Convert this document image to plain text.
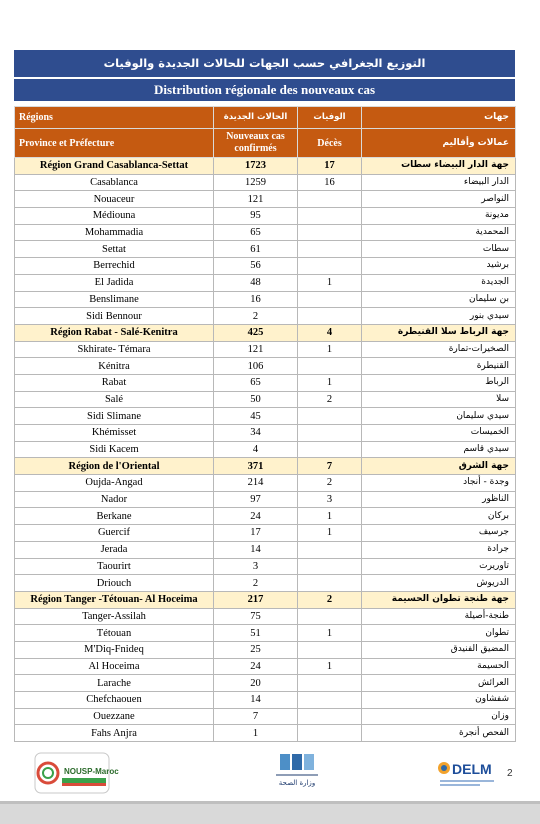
التوزيع الجغرافي حسب الجهات للحالات الجديدة والوفيات
Distribution régionale des nouveaux cas
Régions	الحالات الجديدة	الوفيات	جهات
Province et Préfecture	Nouveaux cas confirmés	Décès	عمالات وأقاليم
Région Grand Casablanca-Settat	1723	17	جهة الدار البيضاء سطات
Casablanca	1259	16	الدار البيضاء
Nouaceur	121		النواصر
Médiouna	95		مديونة
Mohammadia	65		المحمدية
Settat	61		سطات
Berrechid	56		برشيد
El Jadida	48	1	الجديدة
Benslimane	16		بن سليمان
Sidi Bennour	2		سيدي بنور
Région Rabat - Salé-Kenitra	425	4	جهة الرباط سلا القنيطرة
Skhirate- Témara	121	1	الصخيرات-تمارة
Kénitra	106		القنيطرة
Rabat	65	1	الرباط
Salé	50	2	سلا
Sidi Slimane	45		سيدي سليمان
Khémisset	34		الخميسات
Sidi Kacem	4		سيدي قاسم
Région de l'Oriental	371	7	جهة الشرق
Oujda-Angad	214	2	وجدة - أنجاد
Nador	97	3	الناظور
Berkane	24	1	بركان
Guercif	17	1	جرسيف
Jerada	14		جرادة
Taourirt	3		تاوريرت
Driouch	2		الدريوش
Région Tanger -Tétouan- Al Hoceima	217	2	جهة طنجة تطوان الحسيمة
Tanger-Assilah	75		طنجة-أصيلة
Tétouan	51	1	تطوان
M'Diq-Fnideq	25		المضيق الفنيدق
Al Hoceima	24	1	الحسيمة
Larache	20		العرائش
Chefchaouen	14		شفشاون
Ouezzane	7		وزان
Fahs Anjra	1		الفحص أنجرة
NOUSP-Maroc
وزارة الصحة
DELM 2
